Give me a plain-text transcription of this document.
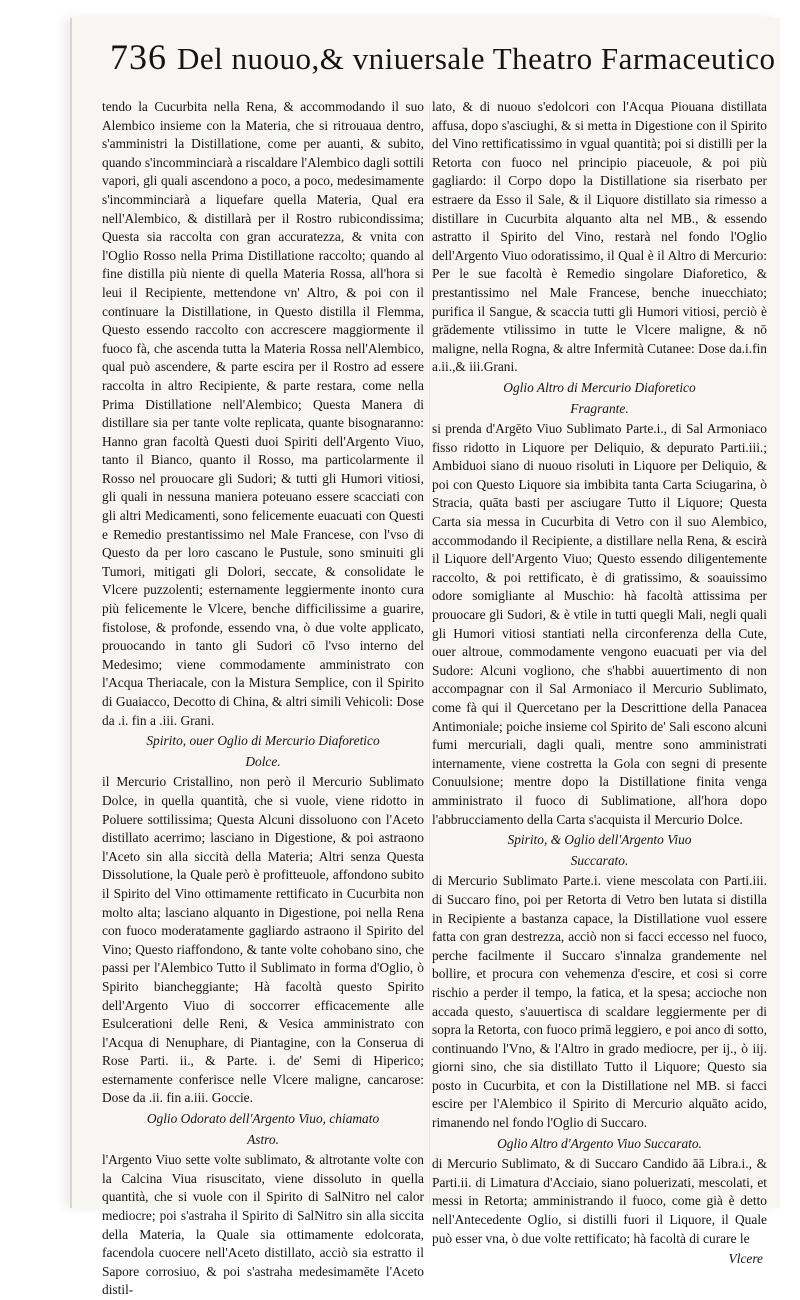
736 Del nuouo,& vniuersale Theatro Farmaceutico

tendo la Cucurbita nella Rena, & accommodando il suo Alembico insieme con la Materia, che si ritrouaua dentro, s'amministri la Distillatione, come per auanti, & subito, quando s'incomminciarà a riscaldare l'Alembico dagli sottili vapori, gli quali ascendono a poco, a poco, medesimamente s'incomminciarà a liquefare quella Materia, Qual era nell'Alembico, & distillarà per il Rostro rubicondissima; Questa sia raccolta con gran accuratezza, & vnita con l'Oglio Rosso nella Prima Distillatione raccolto; quando al fine distilla più niente di quella Materia Rossa, all'hora si leui il Recipiente, mettendone vn' Altro, & poi con il continuare la Distillatione, in Questo distilla il Flemma, Questo essendo raccolto con accrescere maggiormente il fuoco fà, che ascenda tutta la Materia Rossa nell'Alembico, qual può ascendere, & parte escira per il Rostro ad essere raccolta in altro Recipiente, & parte restara, come nella Prima Distillatione nell'Alembico; Questa Manera di distillare sia per tante volte replicata, quante bisognaranno: Hanno gran facoltà Questi duoi Spiriti dell'Argento Viuo, tanto il Bianco, quanto il Rosso, ma particolarmente il Rosso nel prouocare gli Sudori; & tutti gli Humori vitiosi, gli quali in nessuna maniera poteuano essere scacciati con gli altri Medicamenti, sono felicemente euacuati con Questi e Remedio prestantissimo nel Male Francese, con l'vso di Questo da per loro cascano le Pustule, sono sminuiti gli Tumori, mitigati gli Dolori, seccate, & consolidate le Vlcere puzzolenti; esternamente leggiermente inonto cura più felicemente le Vlcere, benche difficilissime a guarire, fistolose, & profonde, essendo vna, ò due volte applicato, prouocando in tanto gli Sudori cō l'vso interno del Medesimo; viene commodamente amministrato con l'Acqua Theriacale, con la Mistura Semplice, con il Spirito di Guaiacco, Decotto di China, & altri simili Vehicoli: Dose da .i. fin a .iii. Grani.

Spirito, ouer Oglio di Mercurio Diaforetico

Dolce.

il Mercurio Cristallino, non però il Mercurio Sublimato Dolce, in quella quantità, che si vuole, viene ridotto in Poluere sottilissima; Questa Alcuni dissoluono con l'Aceto distillato acerrimo; lasciano in Digestione, & poi astraono l'Aceto sin alla siccità della Materia; Altri senza Questa Dissolutione, la Quale però è profitteuole, affondono subito il Spirito del Vino ottimamente rettificato in Cucurbita non molto alta; lasciano alquanto in Digestione, poi nella Rena con fuoco moderatamente gagliardo astraono il Spirito del Vino; Questo riaffondono, & tante volte cohobano sino, che passi per l'Alembico Tutto il Sublimato in forma d'Oglio, ò Spirito biancheggiante; Hà facoltà questo Spirito dell'Argento Viuo di soccorrer efficacemente alle Esulcerationi delle Reni, & Vesica amministrato con l'Acqua di Nenuphare, di Piantagine, con la Conserua di Rose Parti. ii., & Parte. i. de' Semi di Hiperico; esternamente conferisce nelle Vlcere maligne, cancarose: Dose da .ii. fin a.iii. Goccie.

Oglio Odorato dell'Argento Viuo, chiamato

Astro.

l'Argento Viuo sette volte sublimato, & altrotante volte con la Calcina Viua risuscitato, viene dissoluto in quella quantità, che si vuole con il Spirito di SalNitro nel calor mediocre; poi s'astraha il Spirito di SalNitro sin alla siccita della Materia, la Quale sia ottimamente edolcorata, facendola cuocere nell'Aceto distillato, acciò sia estratto il Sapore corrosiuo, & poi s'astraha medesimamēte l'Aceto distil-

lato, & di nuouo s'edolcori con l'Acqua Piouana distillata affusa, dopo s'asciughi, & si metta in Digestione con il Spirito del Vino rettificatissimo in vgual quantità; poi si distilli per la Retorta con fuoco nel principio piaceuole, & poi più gagliardo: il Corpo dopo la Distillatione sia riserbato per estraere da Esso il Sale, & il Liquore distillato sia rimesso a distillare in Cucurbita alquanto alta nel MB., & essendo astratto il Spirito del Vino, restarà nel fondo l'Oglio dell'Argento Viuo odoratissimo, il Qual è il Altro di Mercurio: Per le sue facoltà è Remedio singolare Diaforetico, & prestantissimo nel Male Francese, benche inuecchiato; purifica il Sangue, & scaccia tutti gli Humori vitiosi, perciò è grādemente vtilissimo in tutte le Vlcere maligne, & nō maligne, nella Rogna, & altre Infermità Cutanee: Dose da.i.fin a.ii.,& iii.Grani.

Oglio Altro di Mercurio Diaforetico

Fragrante.

si prenda d'Argēto Viuo Sublimato Parte.i., di Sal Armoniaco fisso ridotto in Liquore per Deliquio, & depurato Parti.iii.; Ambiduoi siano di nuouo risoluti in Liquore per Deliquio, & poi con Questo Liquore sia imbibita tanta Carta Sciugarina, ò Stracia, quāta basti per asciugare Tutto il Liquore; Questa Carta sia messa in Cucurbita di Vetro con il suo Alembico, accommodando il Recipiente, a distillare nella Rena, & escirà il Liquore dell'Argento Viuo; Questo essendo diligentemente raccolto, & poi rettificato, è di gratissimo, & soauissimo odore somigliante al Muschio: hà facoltà attissima per prouocare gli Sudori, & è vtile in tutti quegli Mali, negli quali gli Humori vitiosi stantiati nella circonferenza della Cute, ouer altroue, commodamente vengono euacuati per via del Sudore: Alcuni vogliono, che s'habbi auuertimento di non accompagnar con il Sal Armoniaco il Mercurio Sublimato, come fà qui il Quercetano per la Descrittione della Panacea Antimoniale; poiche insieme col Spirito de' Sali escono alcuni fumi mercuriali, dagli quali, mentre sono amministrati internamente, viene costretta la Gola con segni di presente Conuulsione; mentre dopo la Distillatione finita venga amministrato il fuoco di Sublimatione, all'hora dopo l'abbrucciamento della Carta s'acquista il Mercurio Dolce.

Spirito, & Oglio dell'Argento Viuo

Succarato.

di Mercurio Sublimato Parte.i. viene mescolata con Parti.iii. di Succaro fino, poi per Retorta di Vetro ben lutata si distilla in Recipiente a bastanza capace, la Distillatione vuol essere fatta con gran destrezza, acciò non si facci eccesso nel fuoco, perche facilmente il Succaro s'innalza grandemente nel bollire, et procura con vehemenza d'escire, et cosi si corre rischio a perder il tempo, la fatica, et la spesa; accioche non accada questo, s'auuertisca di scaldare leggiermente per di sopra la Retorta, con fuoco primā leggiero, e poi anco di sotto, continuando l'Vno, & l'Altro in grado mediocre, per ij., ò iij. giorni sino, che sia distillato Tutto il Liquore; Questo sia posto in Cucurbita, et con la Distillatione nel MB. si facci escire per l'Alembico il Spirito di Mercurio alquāto acido, rimanendo nel fondo l'Oglio di Succaro.

Oglio Altro d'Argento Viuo Succarato.

di Mercurio Sublimato, & di Succaro Candido āā Libra.i., & Parti.ii. di Limatura d'Acciaio, siano poluerizati, mescolati, et messi in Retorta; amministrando il fuoco, come già è detto nell'Antecedente Oglio, si distilli fuori il Liquore, il Quale può esser vna, ò due volte rettificato; hà facoltà di curare le

Vlcere
